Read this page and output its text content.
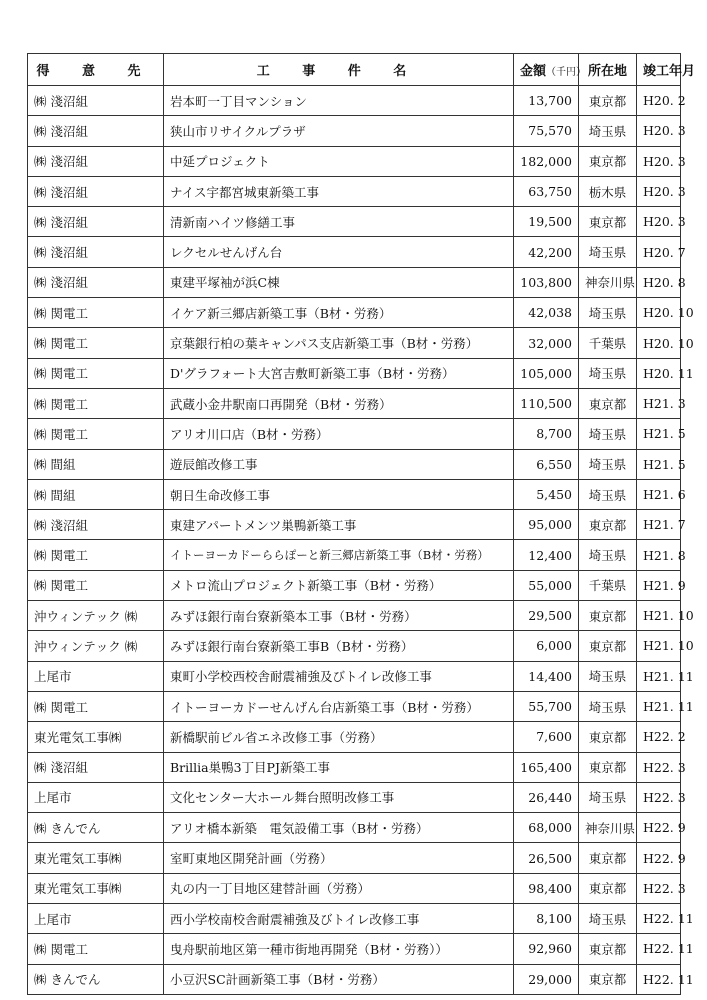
得 意 先	工 事 件 名	金額（千円）	所在地	竣工年月
㈱ 淺沼組	岩本町一丁目マンション	13,700	東京都	H20. 2
㈱ 淺沼組	狭山市リサイクルプラザ	75,570	埼玉県	H20. 3
㈱ 淺沼組	中延プロジェクト	182,000	東京都	H20. 3
㈱ 淺沼組	ナイス宇都宮城東新築工事	63,750	栃木県	H20. 3
㈱ 淺沼組	清新南ハイツ修繕工事	19,500	東京都	H20. 3
㈱ 淺沼組	レクセルせんげん台	42,200	埼玉県	H20. 7
㈱ 淺沼組	東建平塚袖が浜C棟	103,800	神奈川県	H20. 8
㈱ 関電工	イケア新三郷店新築工事（B材・労務）	42,038	埼玉県	H20. 10
㈱ 関電工	京葉銀行柏の葉キャンパス支店新築工事（B材・労務）	32,000	千葉県	H20. 10
㈱ 関電工	D'グラフォート大宮吉敷町新築工事（B材・労務）	105,000	埼玉県	H20. 11
㈱ 関電工	武蔵小金井駅南口再開発（B材・労務）	110,500	東京都	H21. 3
㈱ 関電工	アリオ川口店（B材・労務）	8,700	埼玉県	H21. 5
㈱ 間組	遊辰館改修工事	6,550	埼玉県	H21. 5
㈱ 間組	朝日生命改修工事	5,450	埼玉県	H21. 6
㈱ 淺沼組	東建アパートメンツ巣鴨新築工事	95,000	東京都	H21. 7
㈱ 関電工	イトーヨーカドーららぽーと新三郷店新築工事（B材・労務）	12,400	埼玉県	H21. 8
㈱ 関電工	メトロ流山プロジェクト新築工事（B材・労務）	55,000	千葉県	H21. 9
沖ウィンテック ㈱	みずほ銀行南台寮新築本工事（B材・労務）	29,500	東京都	H21. 10
沖ウィンテック ㈱	みずほ銀行南台寮新築工事B（B材・労務）	6,000	東京都	H21. 10
上尾市	東町小学校西校舎耐震補強及びトイレ改修工事	14,400	埼玉県	H21. 11
㈱ 関電工	イトーヨーカドーせんげん台店新築工事（B材・労務）	55,700	埼玉県	H21. 11
東光電気工事㈱	新橋駅前ビル省エネ改修工事（労務）	7,600	東京都	H22. 2
㈱ 淺沼組	Brillia巣鴨3丁目PJ新築工事	165,400	東京都	H22. 3
上尾市	文化センター大ホール舞台照明改修工事	26,440	埼玉県	H22. 3
㈱ きんでん	アリオ橋本新築　電気設備工事（B材・労務）	68,000	神奈川県	H22. 9
東光電気工事㈱	室町東地区開発計画（労務）	26,500	東京都	H22. 9
東光電気工事㈱	丸の内一丁目地区建替計画（労務）	98,400	東京都	H22. 3
上尾市	西小学校南校舎耐震補強及びトイレ改修工事	8,100	埼玉県	H22. 11
㈱ 関電工	曳舟駅前地区第一種市街地再開発（B材・労務））	92,960	東京都	H22. 11
㈱ きんでん	小豆沢SC計画新築工事（B材・労務）	29,000	東京都	H22. 11
